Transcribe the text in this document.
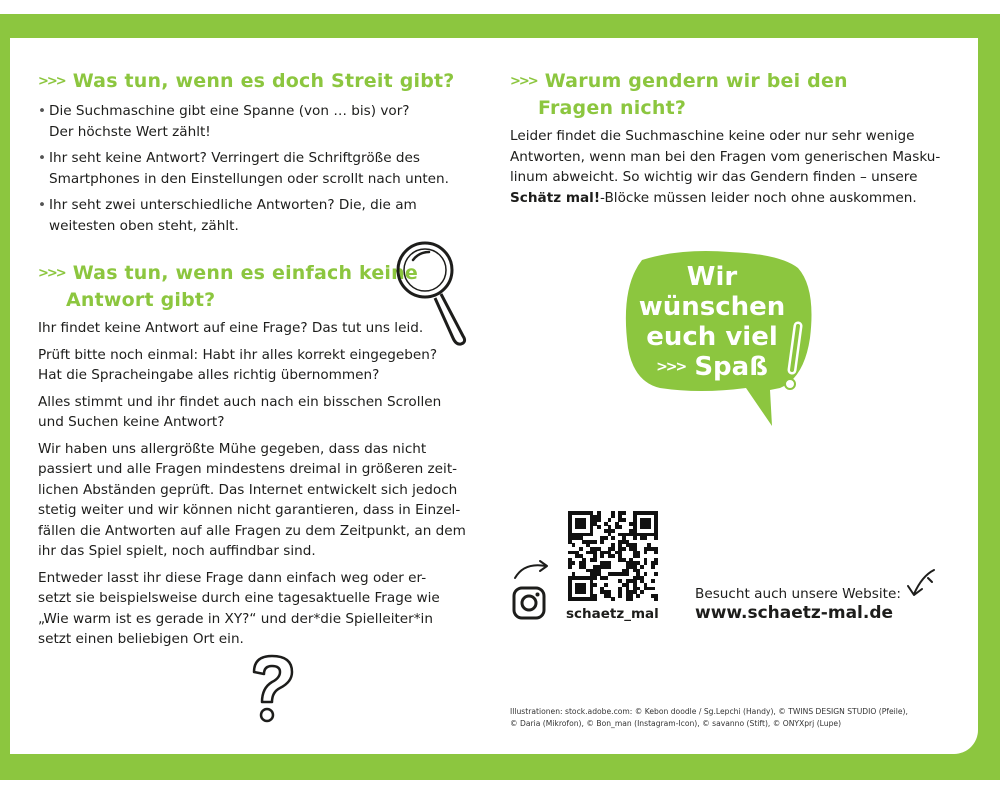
>>> Was tun, wenn es doch Streit gibt?
• Die Suchmaschine gibt eine Spanne (von … bis) vor?
Der höchste Wert zählt!
• Ihr seht keine Antwort? Verringert die Schriftgröße des
Smartphones in den Einstellungen oder scrollt nach unten.
• Ihr seht zwei unterschiedliche Antworten? Die, die am
weitesten oben steht, zählt.
>>> Was tun, wenn es einfach keine
Antwort gibt?

Ihr findet keine Antwort auf eine Frage? Das tut uns leid.

Prüft bitte noch einmal: Habt ihr alles korrekt eingegeben?
Hat die Spracheingabe alles richtig übernommen?

Alles stimmt und ihr findet auch nach ein bisschen Scrollen
und Suchen keine Antwort?

Wir haben uns allergrößte Mühe gegeben, dass das nicht
passiert und alle Fragen mindestens dreimal in größeren zeit-
lichen Abständen geprüft. Das Internet entwickelt sich jedoch
stetig weiter und wir können nicht garantieren, dass in Einzel-
fällen die Antworten auf alle Fragen zu dem Zeitpunkt, an dem
ihr das Spiel spielt, noch auffindbar sind.

Entweder lasst ihr diese Frage dann einfach weg oder er-
setzt sie beispielsweise durch eine tagesaktuelle Frage wie
„Wie warm ist es gerade in XY?“ und der*die Spielleiter*in
setzt einen beliebigen Ort ein.

>>> Warum gendern wir bei den
Fragen nicht?
Leider findet die Suchmaschine keine oder nur sehr wenige
Antworten, wenn man bei den Fragen vom generischen Masku-
linum abweicht. So wichtig wir das Gendern finden – unsere
Schätz mal!-Blöcke müssen leider noch ohne auskommen.
Wir
wünschen
euch viel
>>> Spaß
schaetz_mal
Besucht auch unsere Website:
www.schaetz-mal.de
Illustrationen: stock.adobe.com: © Kebon doodle / Sg.Lepchi (Handy), © TWINS DESIGN STUDIO (Pfeile),
© Daria (Mikrofon), © Bon_man (Instagram-Icon), © savanno (Stift), © ONYXprj (Lupe)
